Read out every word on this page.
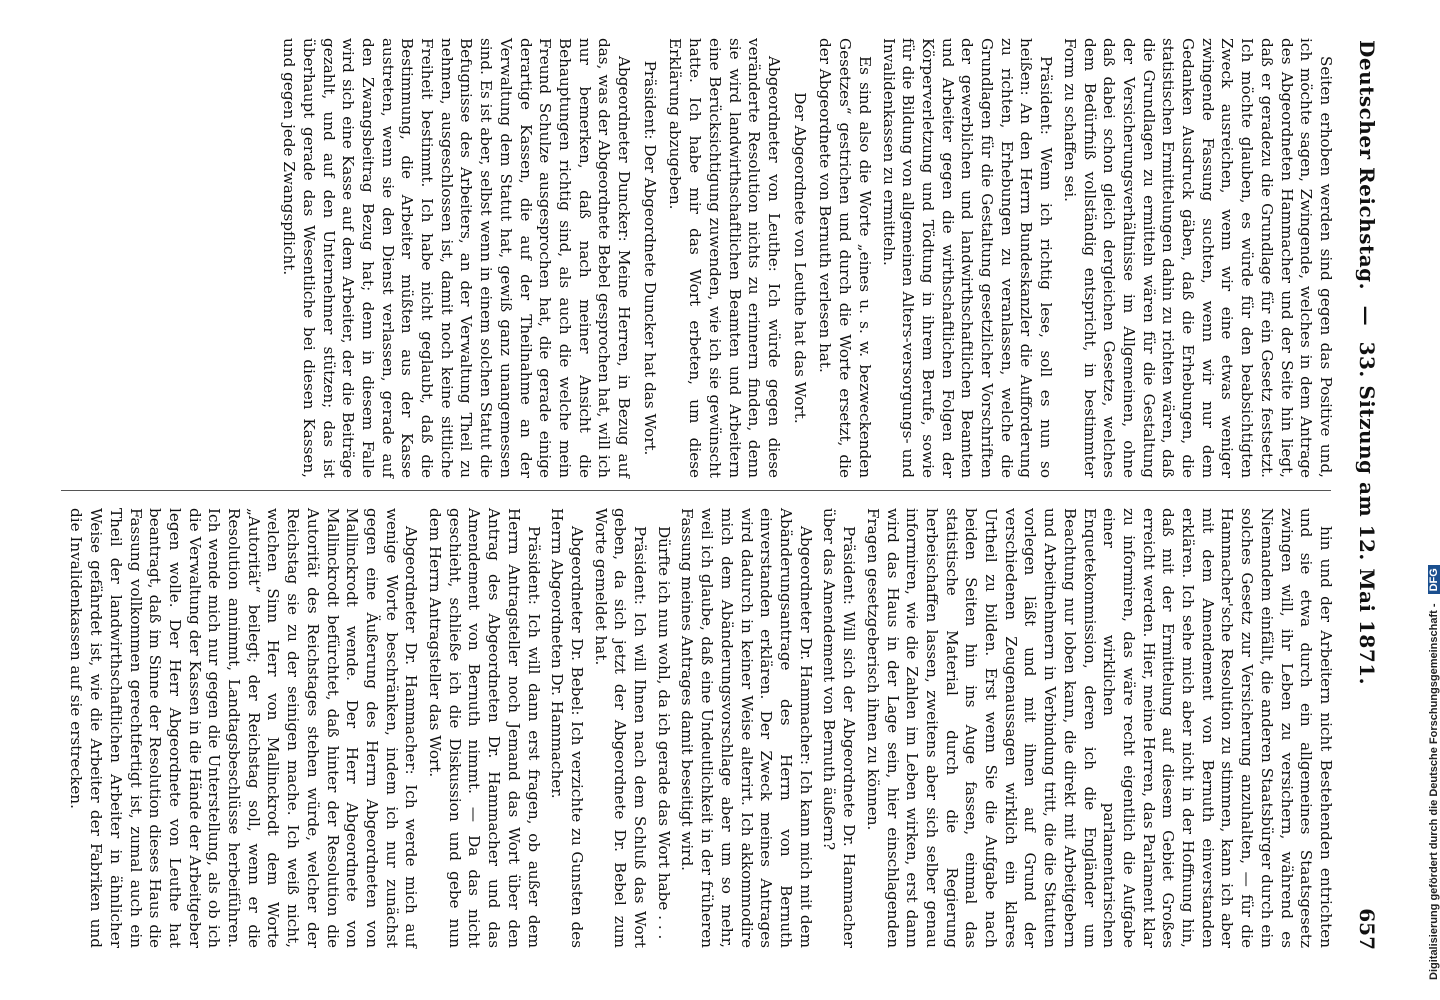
Deutscher Reichstag. — 33. Sitzung am 12. Mai 1871.
657

Seiten erhoben werden sind gegen das Positive und, ich möchte sagen, Zwingende, welches in dem Antrage des Abgeordneten Hammacher und der Seite hin liegt, daß er geradezu die Grundlage für ein Gesetz festsetzt. Ich möchte glauben, es würde für den beabsichtigten Zweck ausreichen, wenn wir eine etwas weniger zwingende Fassung suchten, wenn wir nur dem Gedanken Ausdruck gäben, daß die Erhebungen, die statistischen Ermittelungen dahin zu richten wären, daß die Grundlagen zu ermitteln wären für die Gestaltung der Versicherungsverhältnisse im Allgemeinen, ohne daß dabei schon gleich dergleichen Gesetze, welches dem Bedürfniß vollständig entspricht, in bestimmter Form zu schaffen sei.

Präsident: Wenn ich richtig lese, soll es nun so heißen: An den Herrn Bundeskanzler die Aufforderung zu richten, Erhebungen zu veranlassen, welche die Grundlagen für die Gestaltung gesetzlicher Vorschriften der gewerblichen und landwirthschaftlichen Beamten und Arbeiter gegen die wirthschaftlichen Folgen der Körperverletzung und Tödtung in ihrem Berufe, sowie für die Bildung von allgemeinen Alters-versorgungs- und Invalidenkassen zu ermitteln.

Es sind also die Worte „eines u. s. w. bezweckenden Gesetzes“ gestrichen und durch die Worte ersetzt, die der Abgeordnete von Bernuth verlesen hat.

Der Abgeordnete von Leuthe hat das Wort.

Abgeordneter von Leuthe: Ich würde gegen diese veränderte Resolution nichts zu erinnern finden, denn sie wird landwirthschaftlichen Beamten und Arbeitern eine Berücksichtigung zuwenden, wie ich sie gewünscht hatte. Ich habe mir das Wort erbeten, um diese Erklärung abzugeben.

Präsident: Der Abgeordnete Duncker hat das Wort.

Abgeordneter Duncker: Meine Herren, in Bezug auf das, was der Abgeordnete Bebel gesprochen hat, will ich nur bemerken, daß nach meiner Ansicht die Behauptungen richtig sind, als auch die welche mein Freund Schulze ausgesprochen hat, die gerade einige derartige Kassen, die auf der Theilnahme an der Verwaltung dem Statut hat, gewiß ganz unangemessen sind. Es ist aber, selbst wenn in einem solchen Statut die Befugnisse des Arbeiters, an der Verwaltung Theil zu nehmen, ausgeschlossen ist, damit noch keine sittliche Freiheit bestimmt. Ich habe nicht geglaubt, daß die Bestimmung, die Arbeiter müßten aus der Kasse austreten, wenn sie den Dienst verlassen, gerade auf den Zwangsbeitrag Bezug hat; denn in diesem Falle wird sich eine Kasse auf dem Arbeiter, der die Beiträge gezahlt, und auf den Unternehmer stützen; das ist überhaupt gerade das Wesentliche bei diesen Kassen, und gegen jede Zwangspflicht.

hin und der Arbeitern nicht Bestehenden entrichten und sie etwa durch ein allgemeines Staatsgesetz zwingen will, ihr Leben zu versichern, während es Niemandem einfällt, die anderen Staatsbürger durch ein solches Gesetz zur Versicherung anzuhalten, — für die Hammacher'sche Resolution zu stimmen, kann ich aber mit dem Amendement von Bernuth einverstanden erklären. Ich sehe mich aber nicht in der Hoffnung hin, daß mit der Ermittelung auf diesem Gebiet Großes erreicht werden. Hier, meine Herren, das Parlament klar zu informiren, das wäre recht eigentlich die Aufgabe einer wirklichen parlamentarischen Enquetekommission, deren ich die Engländer um Beachtung nur loben kann, die direkt mit Arbeitgebern und Arbeitnehmern in Verbindung tritt, die die Statuten vorlegen läßt und mit ihnen auf Grund der verschiedenen Zeugenaussagen wirklich ein klares Urtheil zu bilden. Erst wenn Sie die Aufgabe nach beiden Seiten hin ins Auge fassen, einmal das statistische Material durch die Regierung herbeischaffen lassen, zweitens aber sich selber genau informiren, wie die Zahlen im Leben wirken, erst dann wird das Haus in der Lage sein, hier einschlagenden Fragen gesetzgeberisch ihnen zu können.

Präsident: Will sich der Abgeordnete Dr. Hammacher über das Amendement von Bernuth äußern?

Abgeordneter Dr. Hammacher: Ich kann mich mit dem Abänderungsantrage des Herrn von Bernuth einverstanden erklären. Der Zweck meines Antrages wird dadurch in keiner Weise alterirt. Ich akkommodire mich dem Abänderungsvorschlage aber um so mehr, weil ich glaube, daß eine Undeutlichkeit in der früheren Fassung meines Antrages damit beseitigt wird.

Dürfte ich nun wohl, da ich gerade das Wort habe . . .

Präsident: Ich will Ihnen nach dem Schluß das Wort geben, da sich jetzt der Abgeordnete Dr. Bebel zum Worte gemeldet hat.

Abgeordneter Dr. Bebel: Ich verzichte zu Gunsten des Herrn Abgeordneten Dr. Hammacher.

Präsident: Ich will dann erst fragen, ob außer dem Herrn Antragsteller noch Jemand das Wort über den Antrag des Abgeordneten Dr. Hammacher und das Amendement von Bernuth nimmt. — Da das nicht geschieht, schließe ich die Diskussion und gebe nun dem Herrn Antragsteller das Wort.

Abgeordneter Dr. Hammacher: Ich werde mich auf wenige Worte beschränken, indem ich nur zunächst gegen eine Äußerung des Herrn Abgeordneten von Mallinckrodt wende. Der Herr Abgeordnete von Mallinckrodt befürchtet, daß hinter der Resolution die Autorität des Reichstages stehen würde, welcher der Reichstag sie zu der seinigen mache. Ich weiß nicht, welchen Sinn Herr von Mallinckrodt dem Worte „Autorität“ beilegt; der Reichstag soll, wenn er die Resolution annimmt, Landtagsbeschlüsse herbeiführen. Ich wende mich nur gegen die Unterstellung, als ob ich die Verwaltung der Kassen in die Hände der Arbeitgeber legen wolle. Der Herr Abgeordnete von Leuthe hat beantragt, daß im Sinne der Resolution dieses Haus die Fassung vollkommen gerechtfertigt ist, zumal auch ein Theil der landwirthschaftlichen Arbeiter in ähnlicher Weise gefährdet ist, wie die Arbeiter der Fabriken und die Invalidenkassen auf sie erstrecken.	Digitalisierung gefördert durch die Deutsche Forschungsgemeinschaft - DFG
